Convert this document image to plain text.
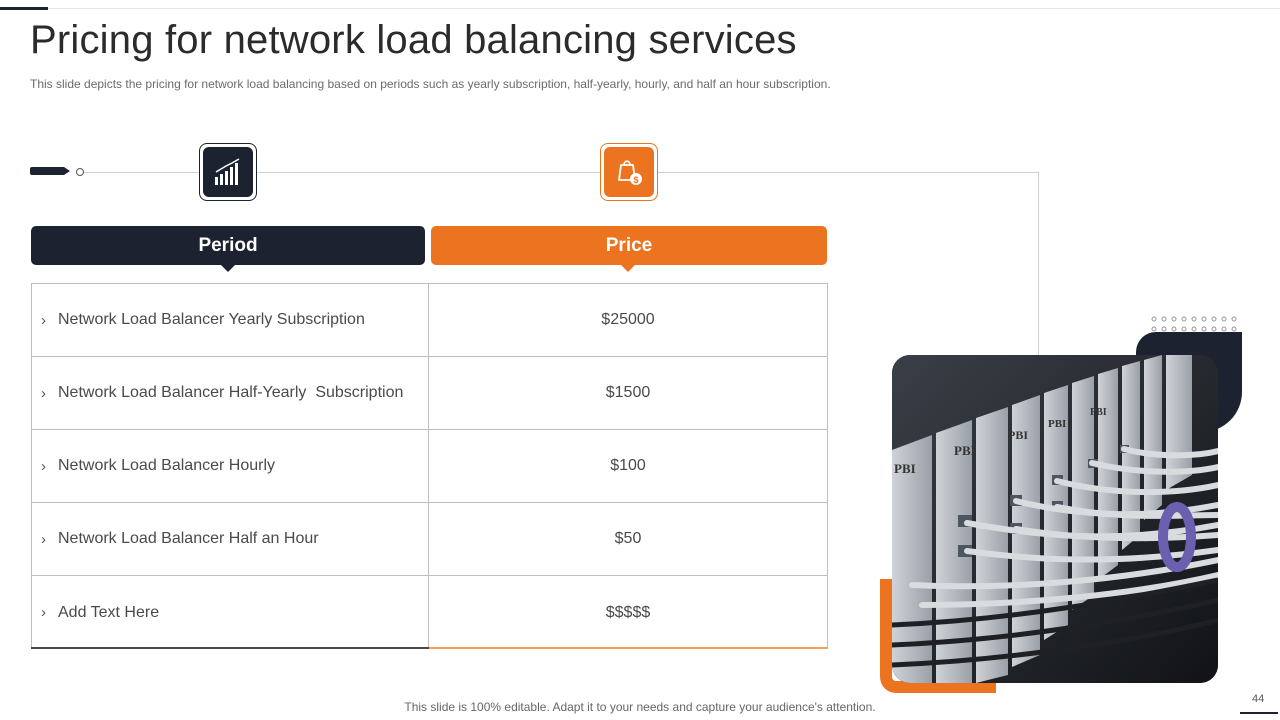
Pricing for network load balancing services

This slide depicts the pricing for network load balancing based on periods such as yearly subscription, half-yearly, hourly, and half an hour subscription.

$
Period	Price
› Network Load Balancer Yearly Subscription	$25000
› Network Load Balancer Half-Yearly  Subscription	$1500
› Network Load Balancer Hourly	$100
› Network Load Balancer Half an Hour	$50
› Add Text Here	$$$$$
PBI
PBI
PBI
PBI
PBI
This slide is 100% editable. Adapt it to your needs and capture your audience's attention.
44
